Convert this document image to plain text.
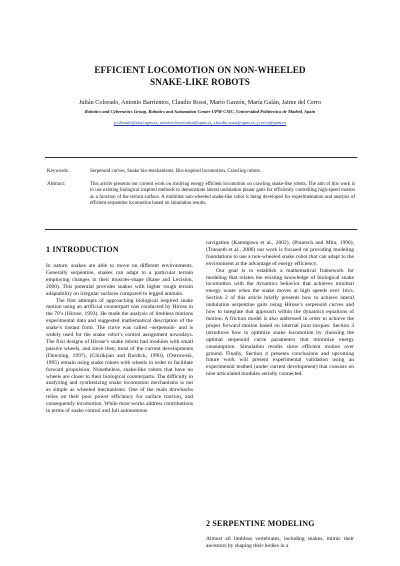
EFFICIENT LOCOMOTION ON NON-WHEELED
SNAKE-LIKE ROBOTS
Julián Colorado, Antonio Barrientos, Claudio Rossi, Mario Garzón, María Galán, Jaime del Cerro
Robotics and Cybernetics Group, Robotics and Automation Center UPM-CSIC, Universidad Politécnica de Madrid, Spain
jcolorado@etsii.upm.es, antonio.barrientos@upm.es, claudio.rossi@upm.es, j.cerro@upm.es
Keywords:	Serpenoid curves, Snake bio-mechanisms, Bio-inspired locomotion, Crawling robots.
Abstract:	This article presents our current work on studying energy efficient locomotion on crawling snake-like robots. The aim of this work is to use existing biological inspired methods to demonstrate lateral undulation planar gaits for efficiently controlling high-speed motion as a function of the terrain surface. A multilink non-wheeled snake-like robot is being developed for experimentation and analysis of efficient serpentine locomotion based on simulation results.
1 INTRODUCTION

In nature, snakes are able to move on different environments. Generally serpentine, snakes can adapt to a particular terrain employing changes in their muscles-shape (Kane and Lecision, 2000). This potential provides snakes with higher rough terrain adaptability on irregular surfaces compared to legged animals.

The first attempts of approaching biological inspired snake motion using an artificial counterpart was conducted by Hirose in the 70’s (Hirose, 1993). He made the analysis of limbless motions experimental data and suggested mathematical description of the snake’s instant form. The curve was called –serpenoid– and is widely used for the snake robot’s control assignment nowadays. The first designs of Hirose’s snake robots had modules with small passive wheels, and since then, most of the current developments (Downing, 1997), (Chirikjian and Burdick, 1990), (Ostrowski, 1995) remain using snake robots with wheels in order to facilitate forward propulsion. Nonetheless, snake-like robots that have no wheels are closer to their biological counterparts. The difficulty in analyzing and synthesizing snake locomotion mechanisms is not as simple as wheeled mechanisms. One of the main drawbacks relies on their poor power efficiency for surface traction, and consequently locomotion. While most works address contributions in terms of snake control and full autonomous

navigation (Kamegawa et al., 2002), (Prautsch and Mita, 1996), (Transeth et al., 2006) our work is focused on providing modeling foundations to use a non-wheeled snake robot that can adapt to the environment at the advantage of energy efficiency.

Our goal is to establish a mathematical framework for modeling that relates the existing knowledge of biological snake locomotion with the dynamics behavior that achieves minimal energy waste when the snake moves at high speeds over 1m/s. Section 2 of this article briefly presents how to achieve lateral undulation serpentine gaits using Hirose’s serpenoid curves and how to integrate that approach within the dynamics equations of motion. A friction model is also addressed in order to achieve the proper forward motion based on internal joint torques. Section 3 introduces how to optimize snake locomotion by choosing the optimal serpenoid curve parameters that minimize energy consumption. Simulation results show efficient motion over ground. Finally, Section 4 presents conclusions and upcoming future work will present experimental validation using an experimental testbed (under current development) that consists on nine articulated modules serially connected.

2 SERPENTINE MODELING

Almost all limbless vertebrates, including snakes, mimic their ancestors by shaping their bodies in a
